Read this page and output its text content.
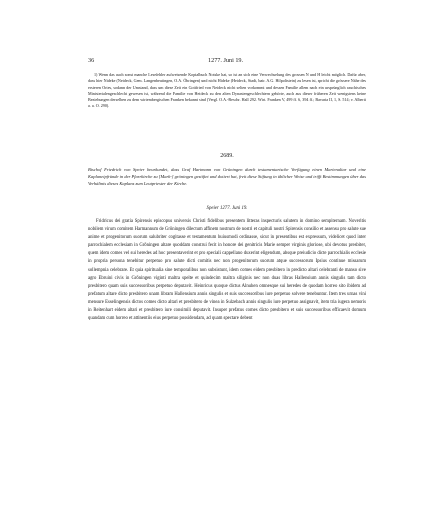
36	1277. Juni 19.

1) Wenn das auch sonst manche Leseſehler aufweisende Kopialbuch Notske hat, so ist an sich eine Verwechselung des grossen N und H leicht möglich. Dafür aber, dass hier Nideke (Neideck, Gem. Langenbeutingen, O.A. Öhringen) und nicht Hideke (Heideck, Stadt, bair. A.G. Hilpoltstein) zu lesen ist, spricht die grössere Nähe des ersteren Ortes, sodann der Umstand, dass um diese Zeit ein Gottfried von Neideck nicht selten vorkommt und dessen Familie allem nach ein ursprünglich rauchisches Ministerialengeschlecht gewesen ist, während die Familie von Heideck zu den alten Dynastengeschlechtern gehörte, auch aus dieser früheren Zeit wenigstens keine Beziehungen derselben zu dem wirtembergischen Franken bekannt sind (Vergl. O.A.-Beschr. Hall 292. Wirt. Franken V, 499 ff. 6, 394 ff.; Bavaria II, 1, S. 514; v. Alberti a. a. O. 290).

2689.

Bischof Friedrich von Speier beurkundet, dass Graf Hartmann von Grüningen durch testamentarische Verfügung einen Marienaltar und eine Kaplaneipfründe in der Pfarrkirche zu [Mark-] gröningen gestiftet und dotiert hat, freit diese Stiftung in üblicher Weise und trifft Bestimmungen über das Verhältnis dieses Kaplans zum Leutpriester der Kirche.

Speier 1277. Juni 19.

Fridricus dei gratia Spirensis episcopus universis Christi fidelibus presentem litteras inspecturis salutem in domino sempiternam. Noveritis nobilem virum comitem Harmannum de Grǒningen dilectum affinem nostrum de nostri et capituli nostri Spirensis consilio et assensu pro salute sue anime et progenitorum suorum salubriter cogitasse et testamentum huiusmodi ordinasse, sicut in presentibus est expressum, videlicet quod inter parrochialem ecclesiam in Grǒningen altare quoddam construi fecit in honore dei genitricis Marie semper virginis gloriose, ubi devotus presbiter, quem idem comes vel sui heredes ad hoc presentaverint et pro speciali cappellano duxerint eligendum, absque preiudicio dicte parrochialis ecclesie in propria persona tenebitur perpetuo pro salute dicti comitis nec non progenitorum suorum atque successorum Ipsius continue missarum sollempnia celebrare. Et quia spiritualia sine temporalibus non subsistunt, idem comes eidem presbitero in predicto altari celebranti de manso sive agro Ebruini civis in Grǒningen viginti maltra spelte et quindecim maltra siliginis nec non duas libras Hallensium annis singulis tam dicto presbitero quam suis successoribus perpetuo deputavit. Heinricus quoque dictus Alnuhen omnesque sui heredes de quodam horreo sito ibidem ad prefatum altare dicto presbitero unam libram Hallensium annis singulis et suis successoribus iure perpetuo solvere tenebuntur. Item tres urnas vini mensure Esselingensis dictos comes dicto altari et presbitero de vinea in Sulzebach annis singulis iure perpetuo assignavit, item tria iugera nemoris in Reitenhart eidem altari et presbitero iure consimili deputavit. Insuper prefatus comes dicto presbitero et suis successoribus efficaevit domum quandam cum horreo et attinentiis eius perpetuo possidendam, ad quam spectare debent
